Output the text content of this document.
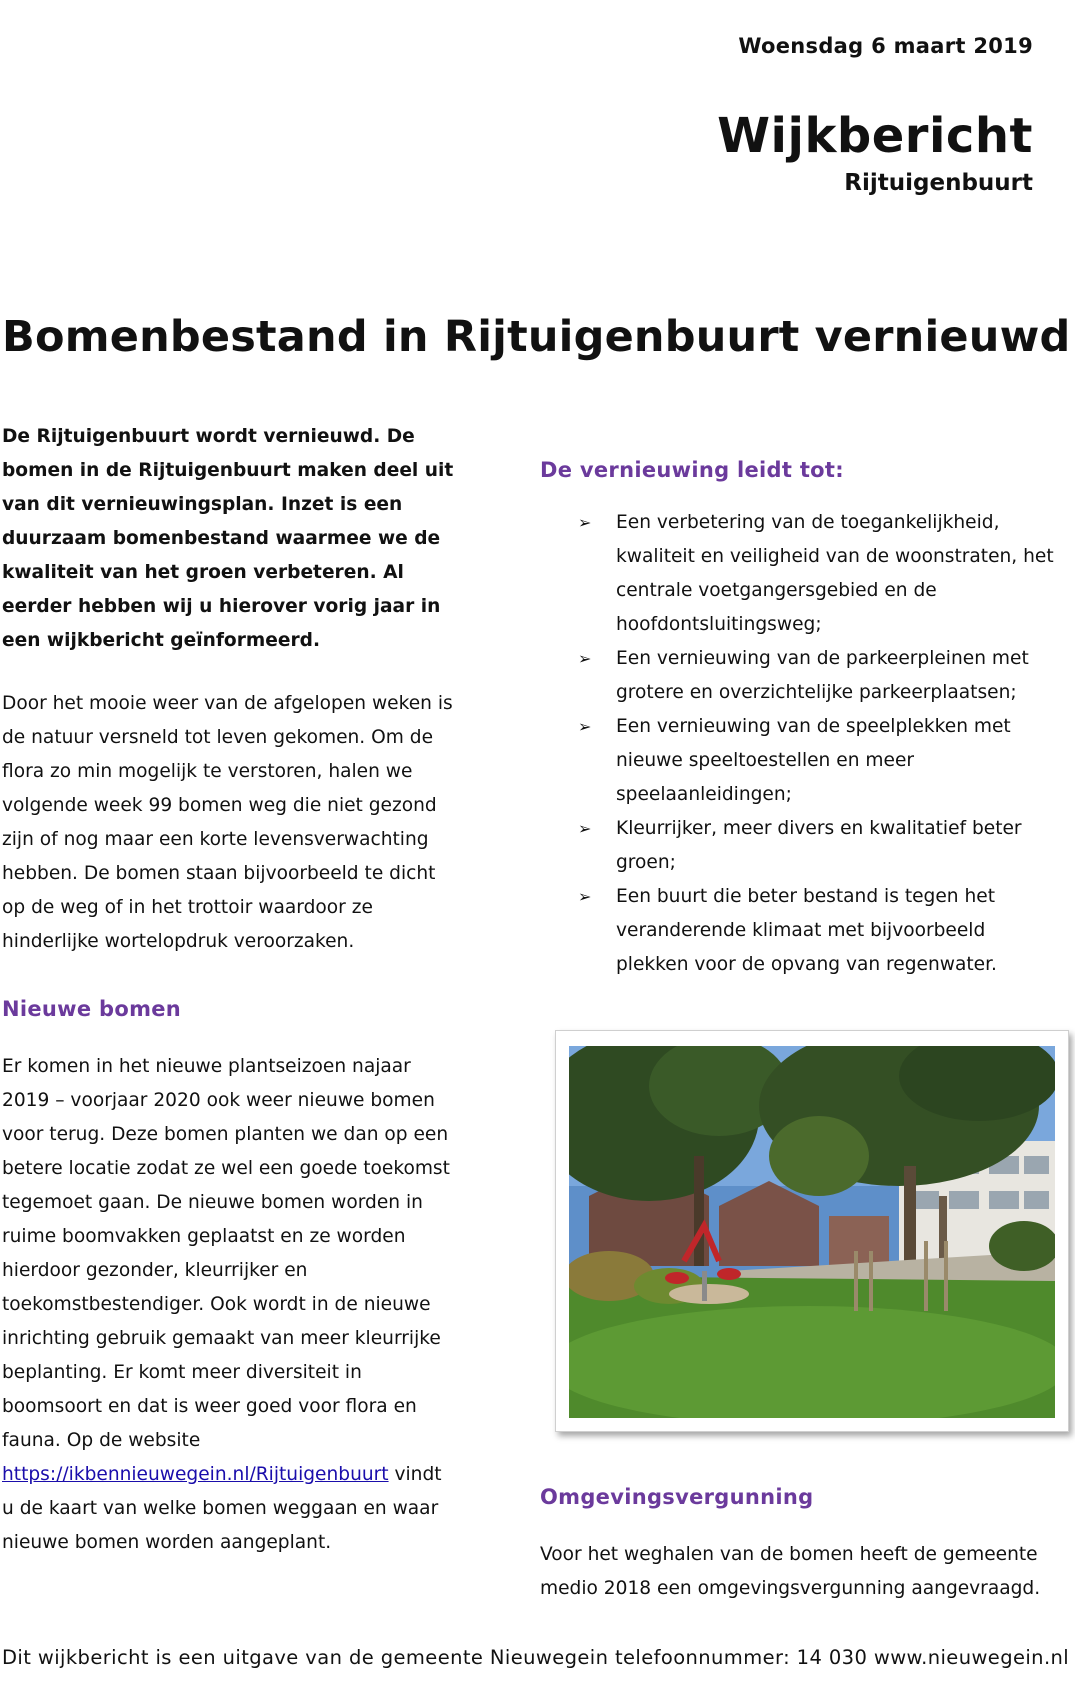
Woensdag 6 maart 2019
Wijkbericht
Rijtuigenbuurt
Bomenbestand in Rijtuigenbuurt vernieuwd

De Rijtuigenbuurt wordt vernieuwd. De

bomen in de Rijtuigenbuurt maken deel uit

van dit vernieuwingsplan. Inzet is een

duurzaam bomenbestand waarmee we de

kwaliteit van het groen verbeteren. Al

eerder hebben wij u hierover vorig jaar in

een wijkbericht geïnformeerd.

Door het mooie weer van de afgelopen weken is

de natuur versneld tot leven gekomen. Om de

flora zo min mogelijk te verstoren, halen we

volgende week 99 bomen weg die niet gezond

zijn of nog maar een korte levensverwachting

hebben. De bomen staan bijvoorbeeld te dicht

op de weg of in het trottoir waardoor ze

hinderlijke wortelopdruk veroorzaken.

Nieuwe bomen

Er komen in het nieuwe plantseizoen najaar

2019 – voorjaar 2020 ook weer nieuwe bomen

voor terug. Deze bomen planten we dan op een

betere locatie zodat ze wel een goede toekomst

tegemoet gaan. De nieuwe bomen worden in

ruime boomvakken geplaatst en ze worden

hierdoor gezonder, kleurrijker en

toekomstbestendiger. Ook wordt in de nieuwe

inrichting gebruik gemaakt van meer kleurrijke

beplanting. Er komt meer diversiteit in

boomsoort en dat is weer goed voor flora en

fauna. Op de website

https://ikbennieuwegein.nl/Rijtuigenbuurt vindt

u de kaart van welke bomen weggaan en waar

nieuwe bomen worden aangeplant.

De vernieuwing leidt tot:
➢ Een verbetering van de toegankelijkheid,
kwaliteit en veiligheid van de woonstraten, het
centrale voetgangersgebied en de
hoofdontsluitingsweg;
➢ Een vernieuwing van de parkeerpleinen met
grotere en overzichtelijke parkeerplaatsen;
➢ Een vernieuwing van de speelplekken met
nieuwe speeltoestellen en meer
speelaanleidingen;
➢ Kleurrijker, meer divers en kwalitatief beter
groen;
➢ Een buurt die beter bestand is tegen het
veranderende klimaat met bijvoorbeeld
plekken voor de opvang van regenwater.
Omgevingsvergunning

Voor het weghalen van de bomen heeft de gemeente

medio 2018 een omgevingsvergunning aangevraagd.

Dit wijkbericht is een uitgave van de gemeente Nieuwegein telefoonnummer: 14 030 www.nieuwegein.nl
